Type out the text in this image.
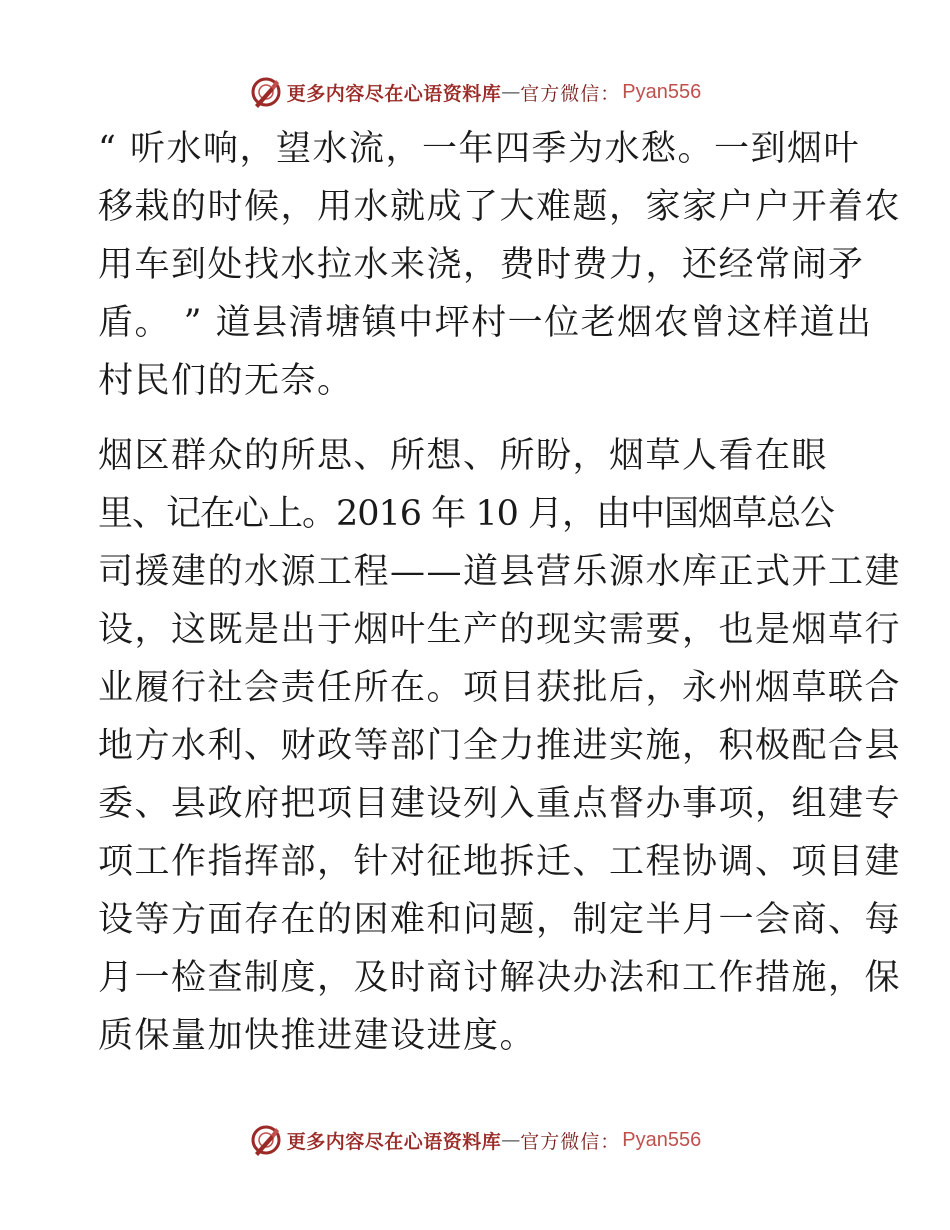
更多内容尽在心语资料库 — 官方微信： Pyan556
“ 听水响，望水流，一年四季为水愁。一到烟叶
移栽的时候，用水就成了大难题，家家户户开着农
用车到处找水拉水来浇，费时费力，还经常闹矛
盾。 ” 道县清塘镇中坪村一位老烟农曾这样道出
村民们的无奈。
烟区群众的所思、所想、所盼，烟草人看在眼
里、记在心上。2016 年 10 月，由中国烟草总公
司援建的水源工程——道县营乐源水库正式开工建
设，这既是出于烟叶生产的现实需要，也是烟草行
业履行社会责任所在。项目获批后，永州烟草联合
地方水利、财政等部门全力推进实施，积极配合县
委、县政府把项目建设列入重点督办事项，组建专
项工作指挥部，针对征地拆迁、工程协调、项目建
设等方面存在的困难和问题，制定半月一会商、每
月一检查制度，及时商讨解决办法和工作措施，保
质保量加快推进建设进度。
更多内容尽在心语资料库 — 官方微信： Pyan556
